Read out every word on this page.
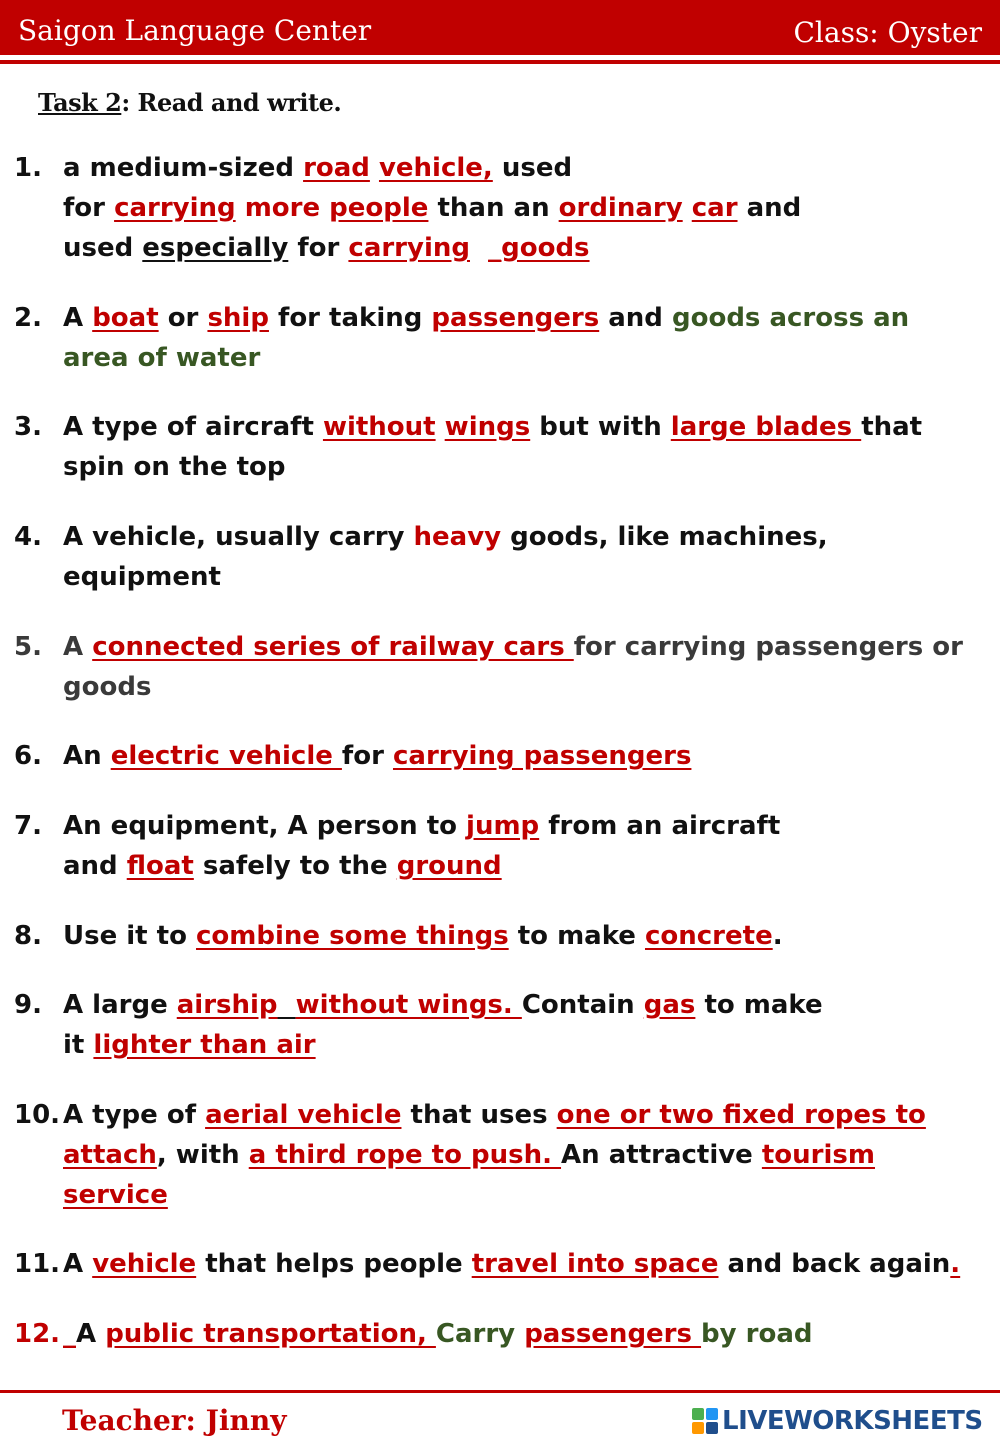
Saigon Language Center	Class: Oyster
Task 2: Read and write.
1. a medium-sized road vehicle, used
for carrying more people than an ordinary car and
used especially for carrying _goods
2. A boat or ship for taking passengers and goods across an
area of water
3. A type of aircraft without wings but with large blades that
spin on the top
4. A vehicle, usually carry heavy goods, like machines,
equipment
5. A connected series of railway cars for carrying passengers or
goods
6. An electric vehicle for carrying passengers
7. An equipment, A person to jump from an aircraft
and float safely to the ground
8. Use it to combine some things to make concrete.
9. A large airship without wings. Contain gas to make
it lighter than air
10. A type of aerial vehicle that uses one or two fixed ropes to
attach, with a third rope to push. An attractive tourism
service
11. A vehicle that helps people travel into space and back again.
12. _A public transportation, Carry passengers by road
Teacher: Jinny	LIVEWORKSHEETS
